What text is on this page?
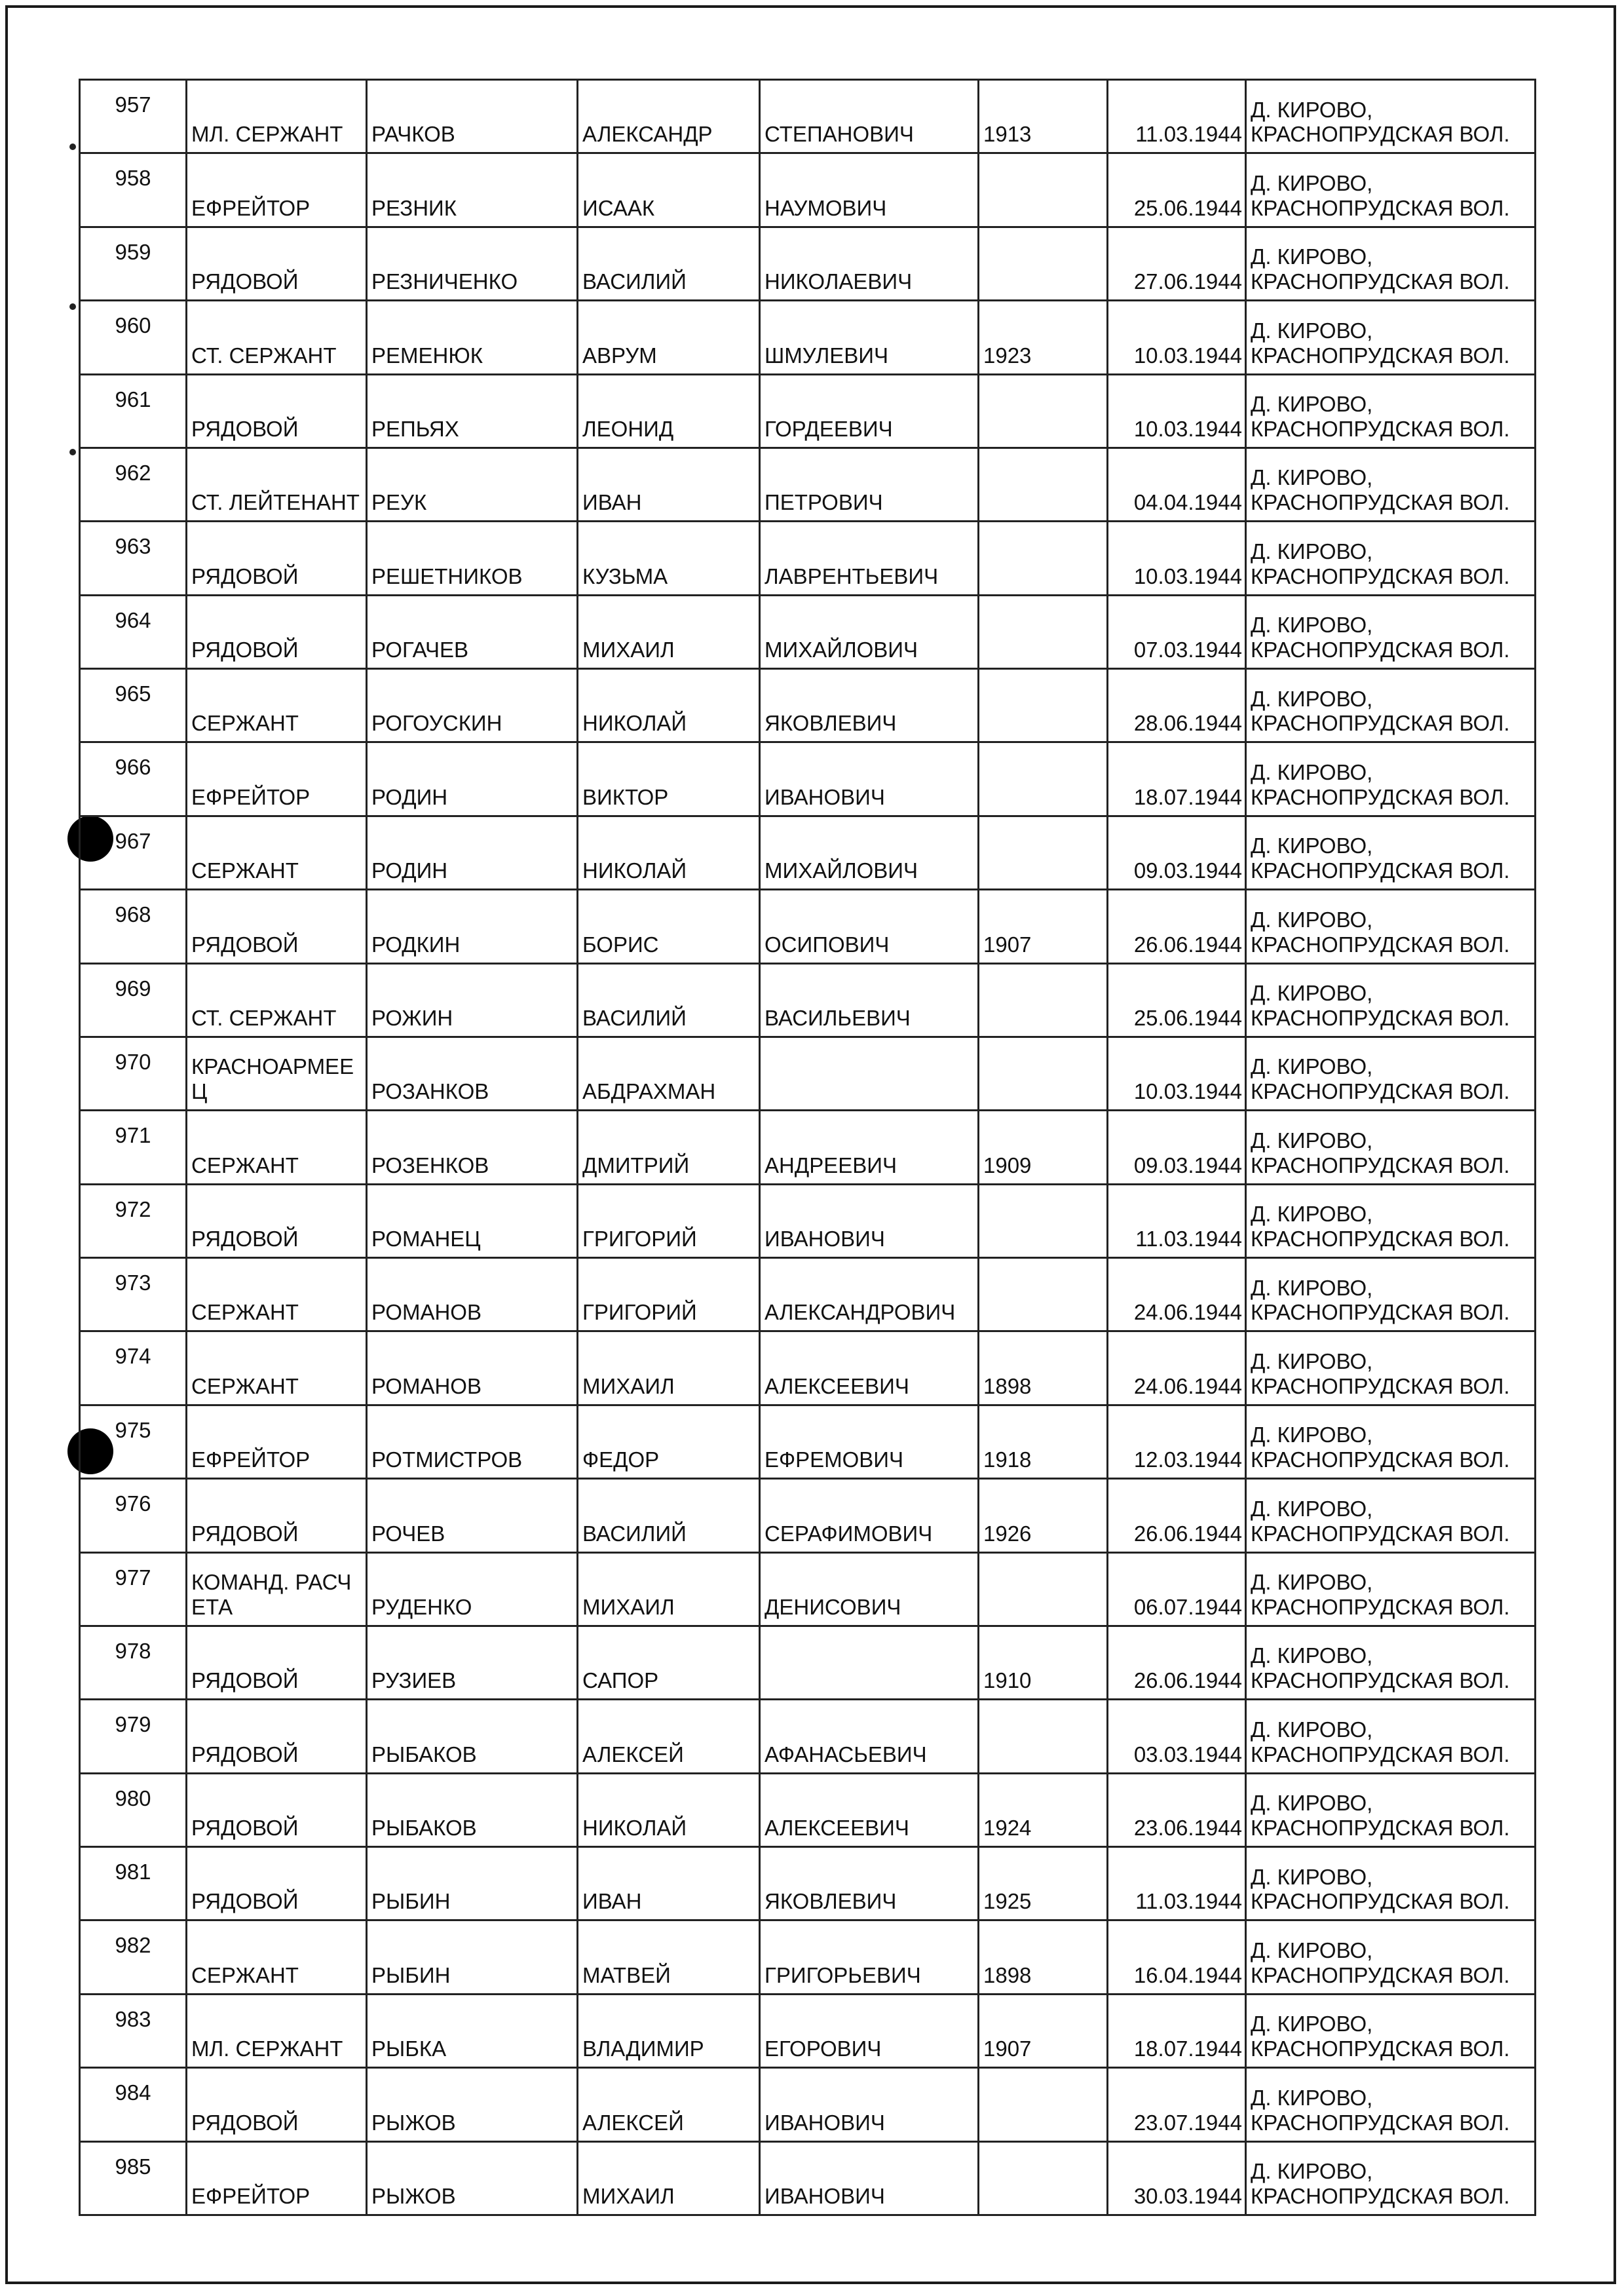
957	МЛ. СЕРЖАНТ	РАЧКОВ	АЛЕКСАНДР	СТЕПАНОВИЧ	1913	11.03.1944	Д. КИРОВО,
КРАСНОПРУДСКАЯ ВОЛ.

958	ЕФРЕЙТОР	РЕЗНИК	ИСААК	НАУМОВИЧ		25.06.1944	Д. КИРОВО,
КРАСНОПРУДСКАЯ ВОЛ.

959	РЯДОВОЙ	РЕЗНИЧЕНКО	ВАСИЛИЙ	НИКОЛАЕВИЧ		27.06.1944	Д. КИРОВО,
КРАСНОПРУДСКАЯ ВОЛ.

960	СТ. СЕРЖАНТ	РЕМЕНЮК	АВРУМ	ШМУЛЕВИЧ	1923	10.03.1944	Д. КИРОВО,
КРАСНОПРУДСКАЯ ВОЛ.

961	РЯДОВОЙ	РЕПЬЯХ	ЛЕОНИД	ГОРДЕЕВИЧ		10.03.1944	Д. КИРОВО,
КРАСНОПРУДСКАЯ ВОЛ.

962	СТ. ЛЕЙТЕНАНТ	РЕУК	ИВАН	ПЕТРОВИЧ		04.04.1944	Д. КИРОВО,
КРАСНОПРУДСКАЯ ВОЛ.

963	РЯДОВОЙ	РЕШЕТНИКОВ	КУЗЬМА	ЛАВРЕНТЬЕВИЧ		10.03.1944	Д. КИРОВО,
КРАСНОПРУДСКАЯ ВОЛ.

964	РЯДОВОЙ	РОГАЧЕВ	МИХАИЛ	МИХАЙЛОВИЧ		07.03.1944	Д. КИРОВО,
КРАСНОПРУДСКАЯ ВОЛ.

965	СЕРЖАНТ	РОГОУСКИН	НИКОЛАЙ	ЯКОВЛЕВИЧ		28.06.1944	Д. КИРОВО,
КРАСНОПРУДСКАЯ ВОЛ.

966	ЕФРЕЙТОР	РОДИН	ВИКТОР	ИВАНОВИЧ		18.07.1944	Д. КИРОВО,
КРАСНОПРУДСКАЯ ВОЛ.

967	СЕРЖАНТ	РОДИН	НИКОЛАЙ	МИХАЙЛОВИЧ		09.03.1944	Д. КИРОВО,
КРАСНОПРУДСКАЯ ВОЛ.

968	РЯДОВОЙ	РОДКИН	БОРИС	ОСИПОВИЧ	1907	26.06.1944	Д. КИРОВО,
КРАСНОПРУДСКАЯ ВОЛ.

969	СТ. СЕРЖАНТ	РОЖИН	ВАСИЛИЙ	ВАСИЛЬЕВИЧ		25.06.1944	Д. КИРОВО,
КРАСНОПРУДСКАЯ ВОЛ.

970	КРАСНОАРМЕЕЦ	РОЗАНКОВ	АБДРАХМАН			10.03.1944	Д. КИРОВО,
КРАСНОПРУДСКАЯ ВОЛ.

971	СЕРЖАНТ	РОЗЕНКОВ	ДМИТРИЙ	АНДРЕЕВИЧ	1909	09.03.1944	Д. КИРОВО,
КРАСНОПРУДСКАЯ ВОЛ.

972	РЯДОВОЙ	РОМАНЕЦ	ГРИГОРИЙ	ИВАНОВИЧ		11.03.1944	Д. КИРОВО,
КРАСНОПРУДСКАЯ ВОЛ.

973	СЕРЖАНТ	РОМАНОВ	ГРИГОРИЙ	АЛЕКСАНДРОВИЧ		24.06.1944	Д. КИРОВО,
КРАСНОПРУДСКАЯ ВОЛ.

974	СЕРЖАНТ	РОМАНОВ	МИХАИЛ	АЛЕКСЕЕВИЧ	1898	24.06.1944	Д. КИРОВО,
КРАСНОПРУДСКАЯ ВОЛ.

975	ЕФРЕЙТОР	РОТМИСТРОВ	ФЕДОР	ЕФРЕМОВИЧ	1918	12.03.1944	Д. КИРОВО,
КРАСНОПРУДСКАЯ ВОЛ.

976	РЯДОВОЙ	РОЧЕВ	ВАСИЛИЙ	СЕРАФИМОВИЧ	1926	26.06.1944	Д. КИРОВО,
КРАСНОПРУДСКАЯ ВОЛ.

977	КОМАНД. РАСЧЕТА	РУДЕНКО	МИХАИЛ	ДЕНИСОВИЧ		06.07.1944	Д. КИРОВО,
КРАСНОПРУДСКАЯ ВОЛ.

978	РЯДОВОЙ	РУЗИЕВ	САПОР		1910	26.06.1944	Д. КИРОВО,
КРАСНОПРУДСКАЯ ВОЛ.

979	РЯДОВОЙ	РЫБАКОВ	АЛЕКСЕЙ	АФАНАСЬЕВИЧ		03.03.1944	Д. КИРОВО,
КРАСНОПРУДСКАЯ ВОЛ.

980	РЯДОВОЙ	РЫБАКОВ	НИКОЛАЙ	АЛЕКСЕЕВИЧ	1924	23.06.1944	Д. КИРОВО,
КРАСНОПРУДСКАЯ ВОЛ.

981	РЯДОВОЙ	РЫБИН	ИВАН	ЯКОВЛЕВИЧ	1925	11.03.1944	Д. КИРОВО,
КРАСНОПРУДСКАЯ ВОЛ.

982	СЕРЖАНТ	РЫБИН	МАТВЕЙ	ГРИГОРЬЕВИЧ	1898	16.04.1944	Д. КИРОВО,
КРАСНОПРУДСКАЯ ВОЛ.

983	МЛ. СЕРЖАНТ	РЫБКА	ВЛАДИМИР	ЕГОРОВИЧ	1907	18.07.1944	Д. КИРОВО,
КРАСНОПРУДСКАЯ ВОЛ.

984	РЯДОВОЙ	РЫЖОВ	АЛЕКСЕЙ	ИВАНОВИЧ		23.07.1944	Д. КИРОВО,
КРАСНОПРУДСКАЯ ВОЛ.

985	ЕФРЕЙТОР	РЫЖОВ	МИХАИЛ	ИВАНОВИЧ		30.03.1944	Д. КИРОВО,
КРАСНОПРУДСКАЯ ВОЛ.
